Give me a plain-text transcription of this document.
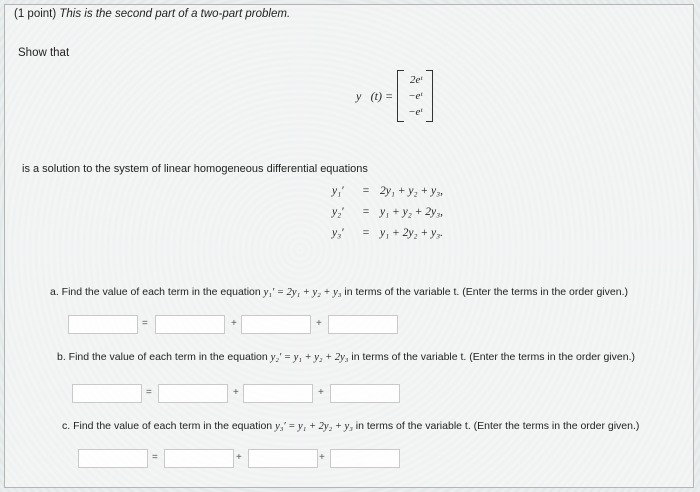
(1 point) This is the second part of a two-part problem.
Show that
y⃗(t) =
2eᵗ
−eᵗ
−eᵗ
is a solution to the system of linear homogeneous differential equations
y₁′ = 2y₁ + y₂ + y₃,
y₂′ = y₁ + y₂ + 2y₃,
y₃′ = y₁ + 2y₂ + y₃.
a. Find the value of each term in the equation y₁′ = 2y₁ + y₂ + y₃ in terms of the variable t. (Enter the terms in the order given.)
=	+	+
b. Find the value of each term in the equation y₂′ = y₁ + y₂ + 2y₃ in terms of the variable t. (Enter the terms in the order given.)
=	+	+
c. Find the value of each term in the equation y₃′ = y₁ + 2y₂ + y₃ in terms of the variable t. (Enter the terms in the order given.)
=	+	+
